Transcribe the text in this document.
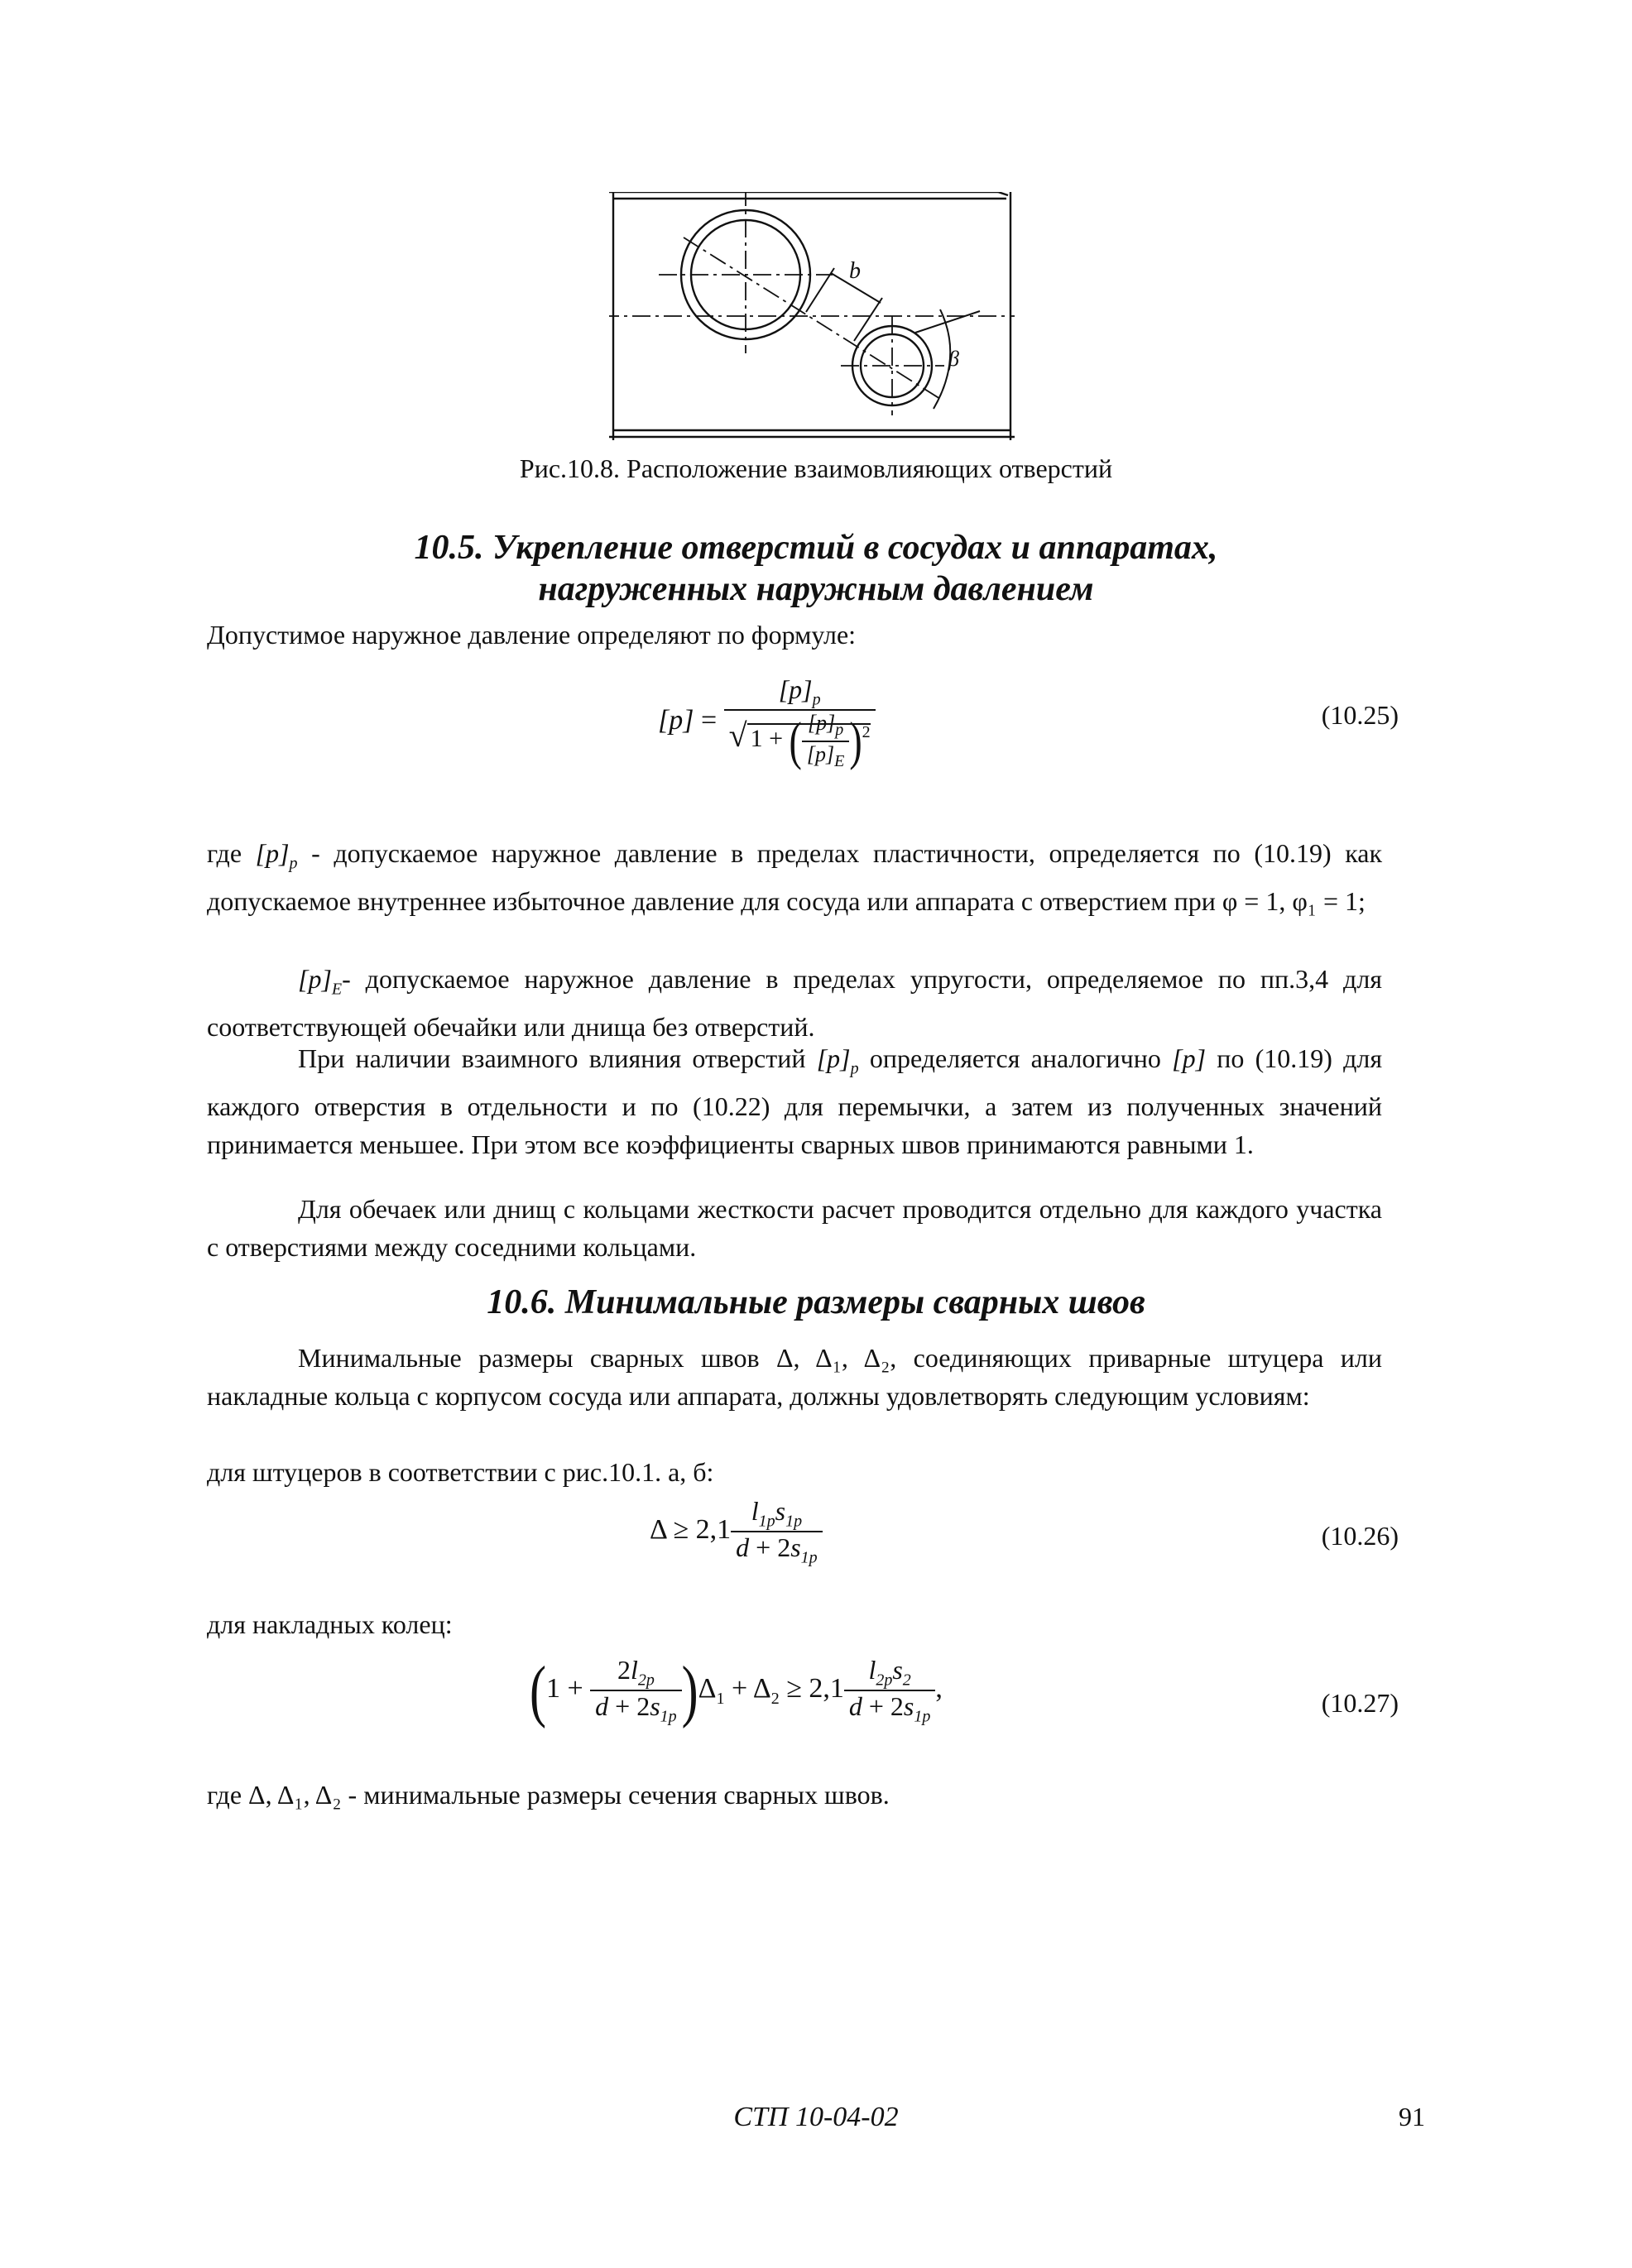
b
β
Рис.10.8. Расположение взаимовлияющих отверстий
10.5. Укрепление отверстий в сосудах и аппаратах,
нагруженных наружным давлением
Допустимое наружное давление определяют по формуле:
$[p] = \frac{[p]_p}{√ 1 + ( \frac{[p]_p}{[p]_E} )^2}$	(10.25)
где $[p]_p$ - допускаемое наружное давление в пределах пластичности, определяется по (10.19) как допускаемое внутреннее избыточное давление для сосуда или аппарата с отверстием при φ = 1, φ₁ = 1;
$[p]_E-$ допускаемое наружное давление в пределах упругости, определяемое по пп.3,4 для соответствующей обечайки или днища без отверстий.
При наличии взаимного влияния отверстий $[p]_p$ определяется аналогично [p] по (10.19) для каждого отверстия в отдельности и по (10.22) для перемычки, а затем из полученных значений принимается меньшее. При этом все коэффициенты сварных швов принимаются равными 1.
Для обечаек или днищ с кольцами жесткости расчет проводится отдельно для каждого участка с отверстиями между соседними кольцами.
10.6. Минимальные размеры сварных швов
Минимальные размеры сварных швов Δ, Δ₁, Δ₂, соединяющих приварные штуцера или накладные кольца с корпусом сосуда или аппарата, должны удовлетворять следующим условиям:
для штуцеров в соответствии с рис.10.1. а, б:
$\Delta \ge 2,1 \frac{l_{1p}s_{1p}}{d + 2s_{1p}}$	(10.26)
для накладных колец:
$(1 + \frac{2l_{2p}}{d + 2s_{1p}} )\Delta_1 + \Delta_2 \ge 2,1 \frac{l_{2p}s_2}{d + 2s_{1p}}$ ,	(10.27)
где Δ, Δ₁, Δ₂ - минимальные размеры сечения сварных швов.
СТП 10-04-02	91
